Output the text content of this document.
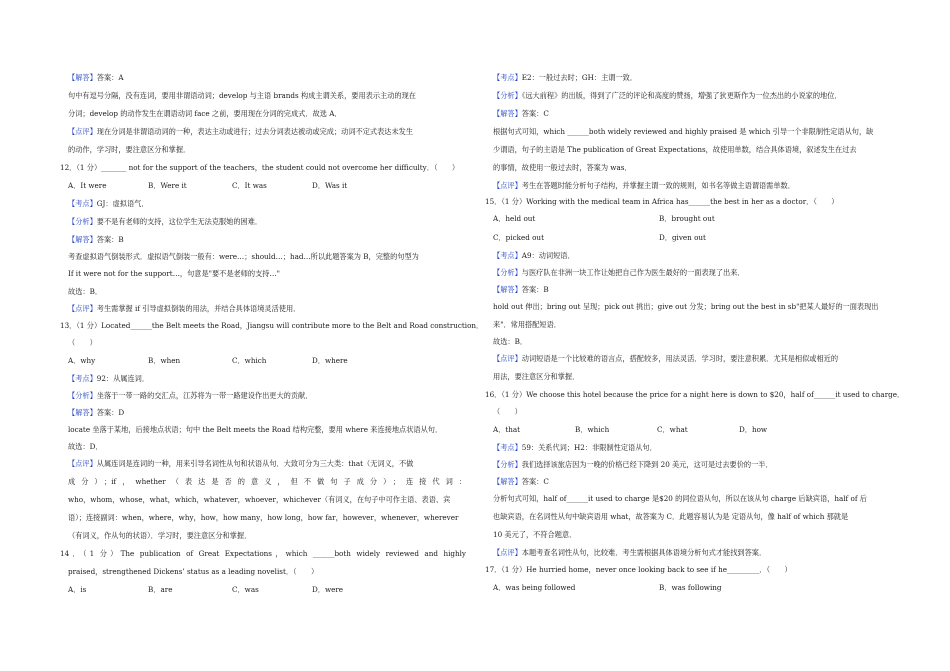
【解答】答案：A
句中有逗号分隔，没有连词，要用非谓语动词；develop 与主语 brands 构成主谓关系，要用表示主动的现在
分词；develop 的动作发生在谓语动词 face 之前，要用现在分词的完成式．故选 A．
【点评】现在分词是非谓语动词的一种，表达主动或进行；过去分词表达被动或完成；动词不定式表达未发生
的动作，学习时，要注意区分和掌握．
12．（1 分）_______ not for the support of the teachers，the student could not overcome her difficulty．（　　）
A．It were	B．Were it	C．It was	D．Was it
【考点】GJ：虚拟语气．
【分析】要不是有老师的支持，这位学生无法克服她的困难．
【解答】答案：B
考查虚拟语气倒装形式．虚拟语气倒装一般有：were…；should…；had…所以此题答案为 B，完整的句型为
If it were not for the support…，句意是"要不是老师的支持…"
故选：B．
【点评】考生需掌握 if 引导虚拟倒装的用法，并结合具体语境灵活使用．
13．（1 分）Located______the Belt meets the Road，Jiangsu will contribute more to the Belt and Road construction．
（　　）
A．why	B．when	C．which	D．where
【考点】92：从属连词．
【分析】坐落于一带一路的交汇点，江苏将为一带一路建设作出更大的贡献．
【解答】答案：D
locate 坐落于某地，后接地点状语；句中 the Belt meets the Road 结构完整，要用 where 来连接地点状语从句．
故选：D．
【点评】从属连词是连词的一种，用来引导名词性从句和状语从句．大致可分为三大类：that（无词义，不做
成分）；if，whether（表达是否的意义，但不做句子成分）；连接代词：
who，whom，whose，what，which，whatever，whoever，whichever（有词义，在句子中可作主语、表语、宾
语）；连接副词：when，where，why，how，how many，how long，how far，however，whenever，wherever
（有词义，作从句的状语）．学习时，要注意区分和掌握．
14．（1 分）The publication of Great Expectations，which ______both widely reviewed and highly
praised，strengthened Dickens’ status as a leading novelist．（　　）
A．is	B．are	C．was	D．were
【考点】E2：一般过去时；GH：主谓一致．
【分析】《远大前程》的出版，得到了广泛的评论和高度的赞扬，增强了狄更斯作为一位杰出的小说家的地位．
【解答】答案：C
根据句式可知，which ______both widely reviewed and highly praised 是 which 引导一个非限制性定语从句，缺
少谓语，句子的主语是 The publication of Great Expectations，故使用单数，结合具体语境，叙述发生在过去
的事情，故使用一般过去时，答案为 was．
【点评】考生在答题时能分析句子结构，并掌握主谓一致的规则，如书名等做主语谓语需单数．
15．（1 分）Working with the medical team in Africa has______the best in her as a doctor．（　　）
A．held out	B．brought out
C．picked out	D．given out
【考点】A9：动词短语．
【分析】与医疗队在非洲一块工作让她把自己作为医生最好的一面表现了出来．
【解答】答案：B
hold out 伸出；bring out 呈现；pick out 挑出；give out 分发；bring out the best in sb"把某人最好的一面表现出
来"．常用搭配短语．
故选：B．
【点评】动词短语是一个比较难的语言点，搭配较多，用法灵活．学习时，要注意积累．尤其是相似或相近的
用法，要注意区分和掌握．
16．（1 分）We choose this hotel because the price for a night here is down to $20，half of______it used to charge．
（　　）
A．that	B．which	C．what	D．how
【考点】59：关系代词；H2：非限制性定语从句．
【分析】我们选择该旅店因为一晚的价格已经下降到 20 美元，这可是过去要价的一半．
【解答】答案：C
分析句式可知，half of______it used to charge 是$20 的同位语从句，所以在该从句 charge 后缺宾语，half of 后
也缺宾语，在名词性从句中缺宾语用 what，故答案为 C．此题容易认为是 定语从句，像 half of which 那就是
10 美元了，不符合题意．
【点评】本题考查名词性从句，比较难．考生需根据具体语境分析句式才能找到答案．
17．（1 分）He hurried home，never once looking back to see if he_________．（　　）
A．was being followed	B．was following
